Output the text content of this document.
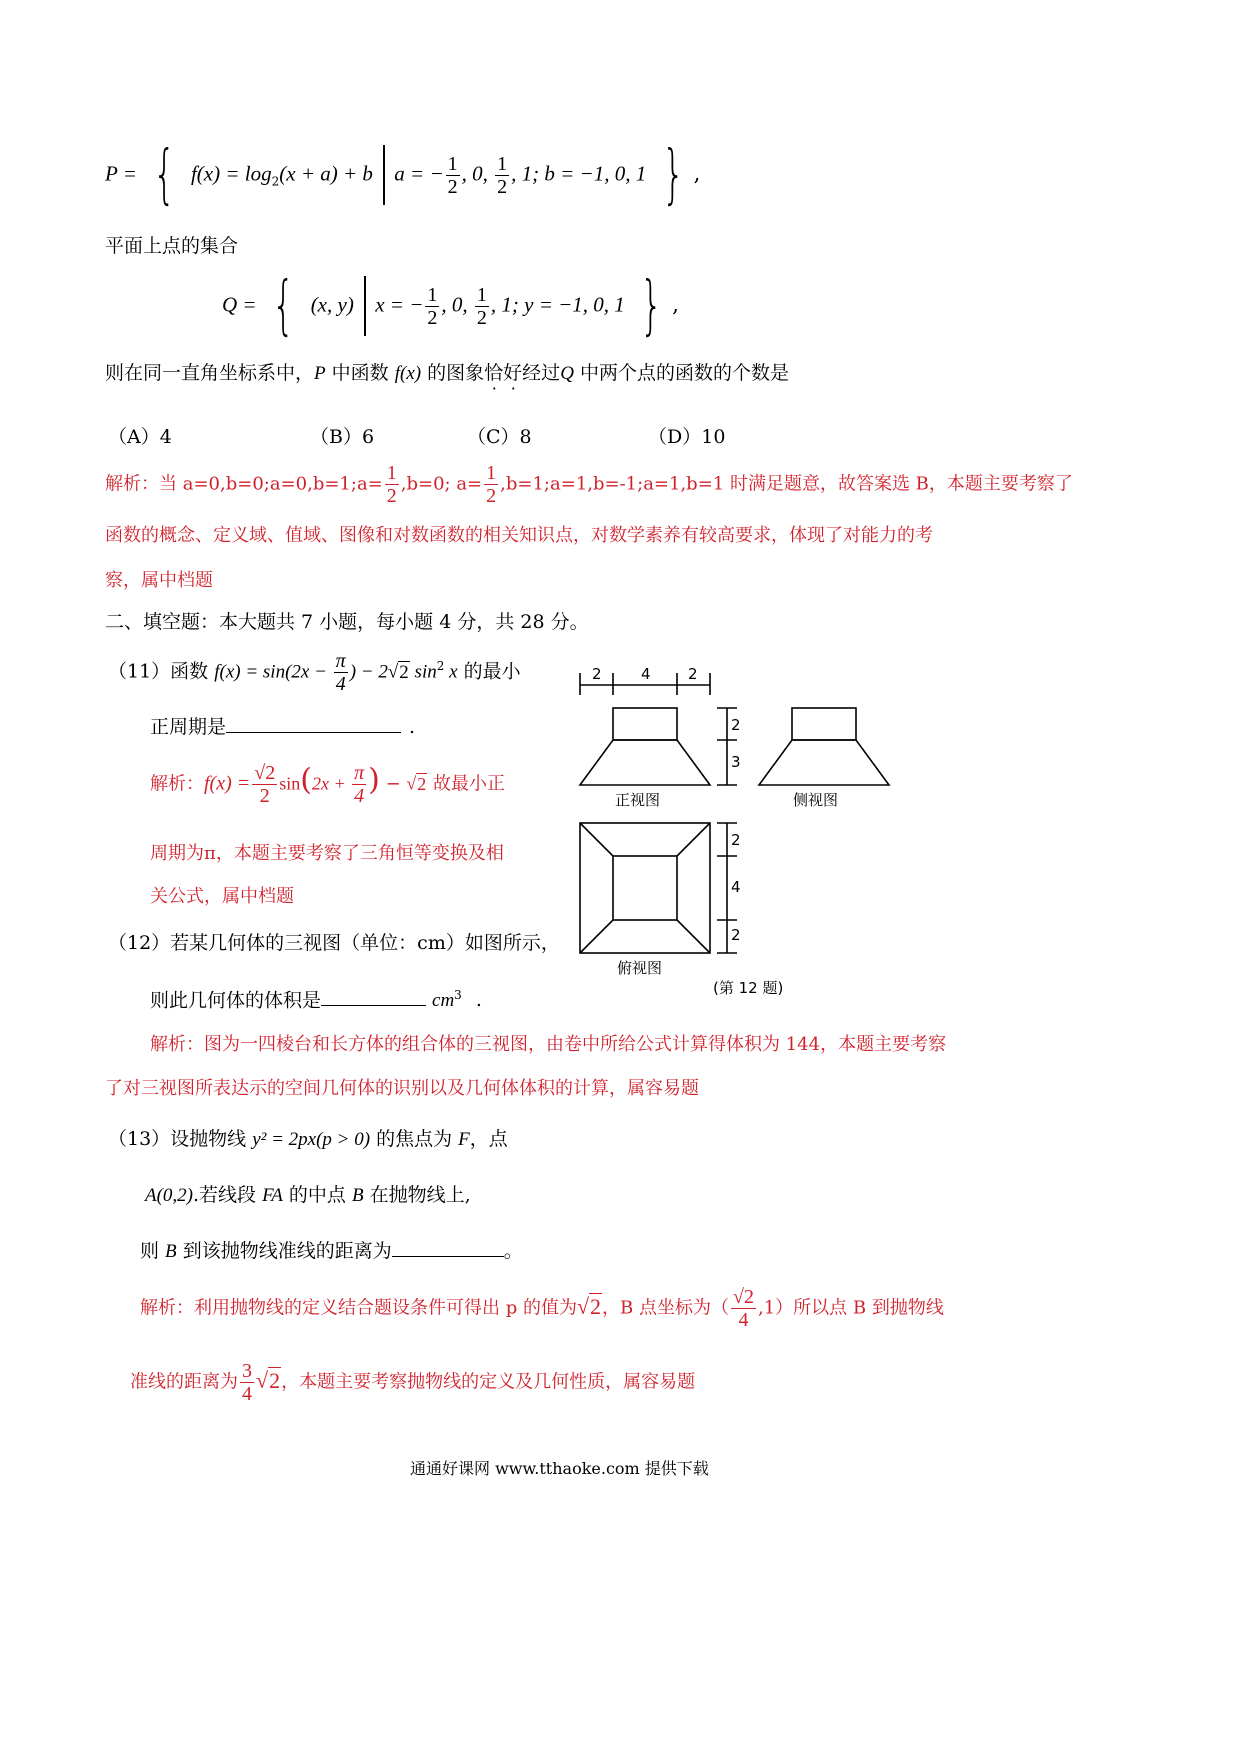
P = { $f(x) = \log_2(x + a) + b$ a = − $\frac{1}{2}$ , 0, $\frac{1}{2}$ , 1; b = −1, 0, 1 } ,
平面上点的集合
Q = { (x, y) x = − $\frac{1}{2}$ , 0, $\frac{1}{2}$ , 1; y = −1, 0, 1 } ,
则在同一直角坐标系中，P 中函数 f(x) 的图象恰好经过Q 中两个点的函数的个数是
（A）4	（B）6	（C）8	（D）10
解析：当 a=0,b=0;a=0,b=1;a= $\frac{1}{2} ,b=0$; $a= \frac{1}{2}$ ,b=1;a=1,b=-1;a=1,b=1 时满足题意，故答案选 B，本题主要考察了
函数的概念、定义域、值域、图像和对数函数的相关知识点，对数学素养有较高要求，体现了对能力的考
察，属中档题
二、填空题：本大题共 7 小题，每小题 4 分，共 28 分。
（11）函数 $f(x) = \sin(2x - \frac{\pi}{4}$ ) − 2√2 $\sin^2 x$ 的最小
正周期是	.
解析：$f(x) = \frac{√2}{2} \sin(2x + \frac{\pi}{4}$ ) − √2 故最小正
周期为π，本题主要考察了三角恒等变换及相
关公式，属中档题
（12）若某几何体的三视图（单位：cm）如图所示，
则此几何体的体积是	$cm^3$ .
2	4 2
2
3
2
4
2
正视图	侧视图
俯视图
(第 12 题)
解析：图为一四棱台和长方体的组合体的三视图，由卷中所给公式计算得体积为 144，本题主要考察
了对三视图所表达示的空间几何体的识别以及几何体体积的计算，属容易题
（13）设抛物线 y² = 2px(p > 0) 的焦点为 F，点
A(0,2).若线段 FA 的中点 B 在抛物线上,
则 B 到该抛物线准线的距离为	。
解析：利用抛物线的定义结合题设条件可得出 p 的值为√2，B 点坐标为（ $\frac{√2}{4} ,1$）所以点 B 到抛物线
准线的距离为 $\frac{3}{4} √2$，本题主要考察抛物线的定义及几何性质，属容易题
通通好课网 www.tthaoke.com 提供下载
